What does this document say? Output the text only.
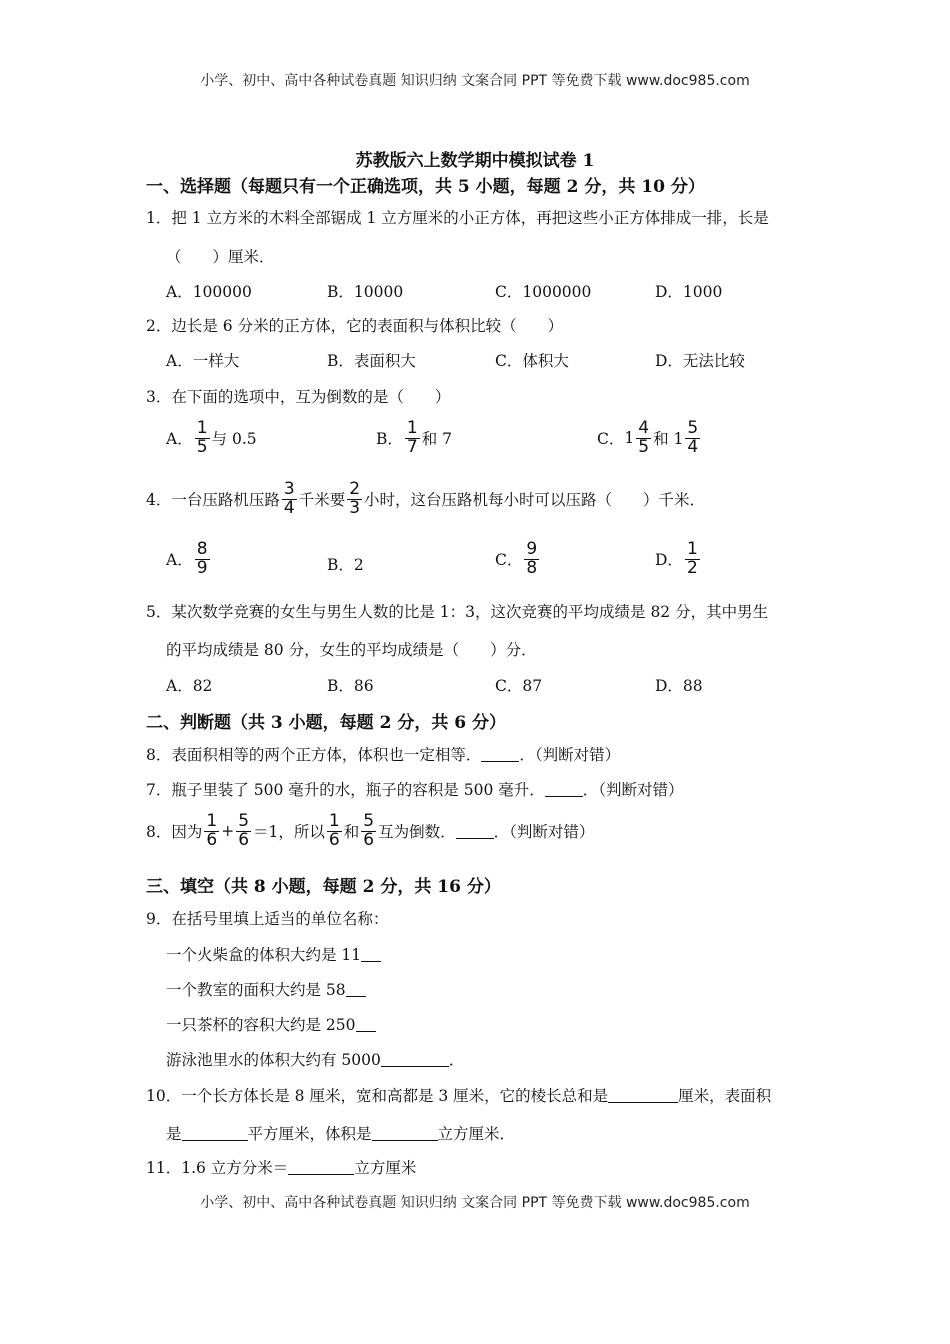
小学、初中、高中各种试卷真题 知识归纳 文案合同 PPT 等免费下载 www.doc985.com
苏教版六上数学期中模拟试卷 1
一、选择题（每题只有一个正确选项，共 5 小题，每题 2 分，共 10 分）
1．把 1 立方米的木料全部锯成 1 立方厘米的小正方体，再把这些小正方体排成一排，长是
（　　）厘米．
A．100000	B．10000	C．1000000	D．1000
2．边长是 6 分米的正方体，它的表面积与体积比较（　　）
A．一样大	B．表面积大	C．体积大	D．无法比较
3．在下面的选项中，互为倒数的是（　　）
A． $\frac{1}{5}$ 与 0.5	B． $\frac{1}{7}$ 和 7	C． $1 \frac{4}{5}$ 和 $1 \frac{5}{4}$
4．一台压路机压路 $\frac{3}{4}$ 千米要 $\frac{2}{3}$ 小时，这台压路机每小时可以压路（　　）千米．
A． $\frac{8}{9}$	B．2	C． $\frac{9}{8}$	D． $\frac{1}{2}$
5．某次数学竞赛的女生与男生人数的比是 1：3，这次竞赛的平均成绩是 82 分，其中男生
的平均成绩是 80 分，女生的平均成绩是（　　）分．
A．82	B．86	C．87	D．88
二、判断题（共 3 小题，每题 2 分，共 6 分）
8．表面积相等的两个正方体，体积也一定相等． ．（判断对错）
7．瓶子里装了 500 毫升的水，瓶子的容积是 500 毫升． ．（判断对错）
8．因为 $\frac{1}{6} + \frac{5}{6} =1$，所以 $\frac{1}{6}$ 和 $\frac{5}{6}$ 互为倒数． ．（判断对错）
三、填空（共 8 小题，每题 2 分，共 16 分）
9．在括号里填上适当的单位名称：
一个火柴盒的体积大约是 11
一个教室的面积大约是 58
一只茶杯的容积大约是 250
游泳池里水的体积大约有 5000	．
10．一个长方体长是 8 厘米，宽和高都是 3 厘米，它的棱长总和是	厘米，表面积
是	平方厘米，体积是	立方厘米．
11．1.6 立方分米＝	立方厘米
小学、初中、高中各种试卷真题 知识归纳 文案合同 PPT 等免费下载 www.doc985.com
